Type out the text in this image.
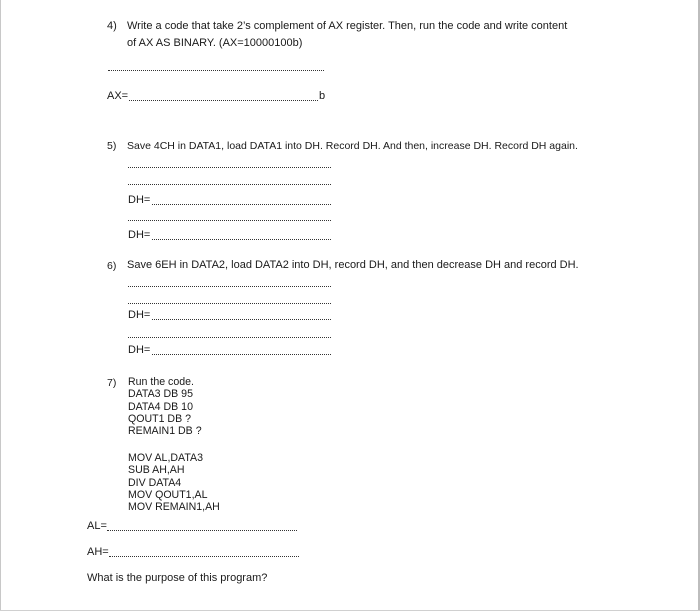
4) Write a code that take 2’s complement of AX register. Then, run the code and write content
of AX AS BINARY. (AX=10000100b)
AX=	b
5) Save 4CH in DATA1, load DATA1 into DH. Record DH. And then, increase DH. Record DH again.
DH=
DH=
6) Save 6EH in DATA2, load DATA2 into DH, record DH, and then decrease DH and record DH.
DH=
DH=
7) Run the code.
DATA3 DB 95
DATA4 DB 10
QOUT1 DB ?
REMAIN1 DB ?
MOV AL,DATA3
SUB AH,AH
DIV DATA4
MOV QOUT1,AL
MOV REMAIN1,AH
AL=
AH=
What is the purpose of this program?
